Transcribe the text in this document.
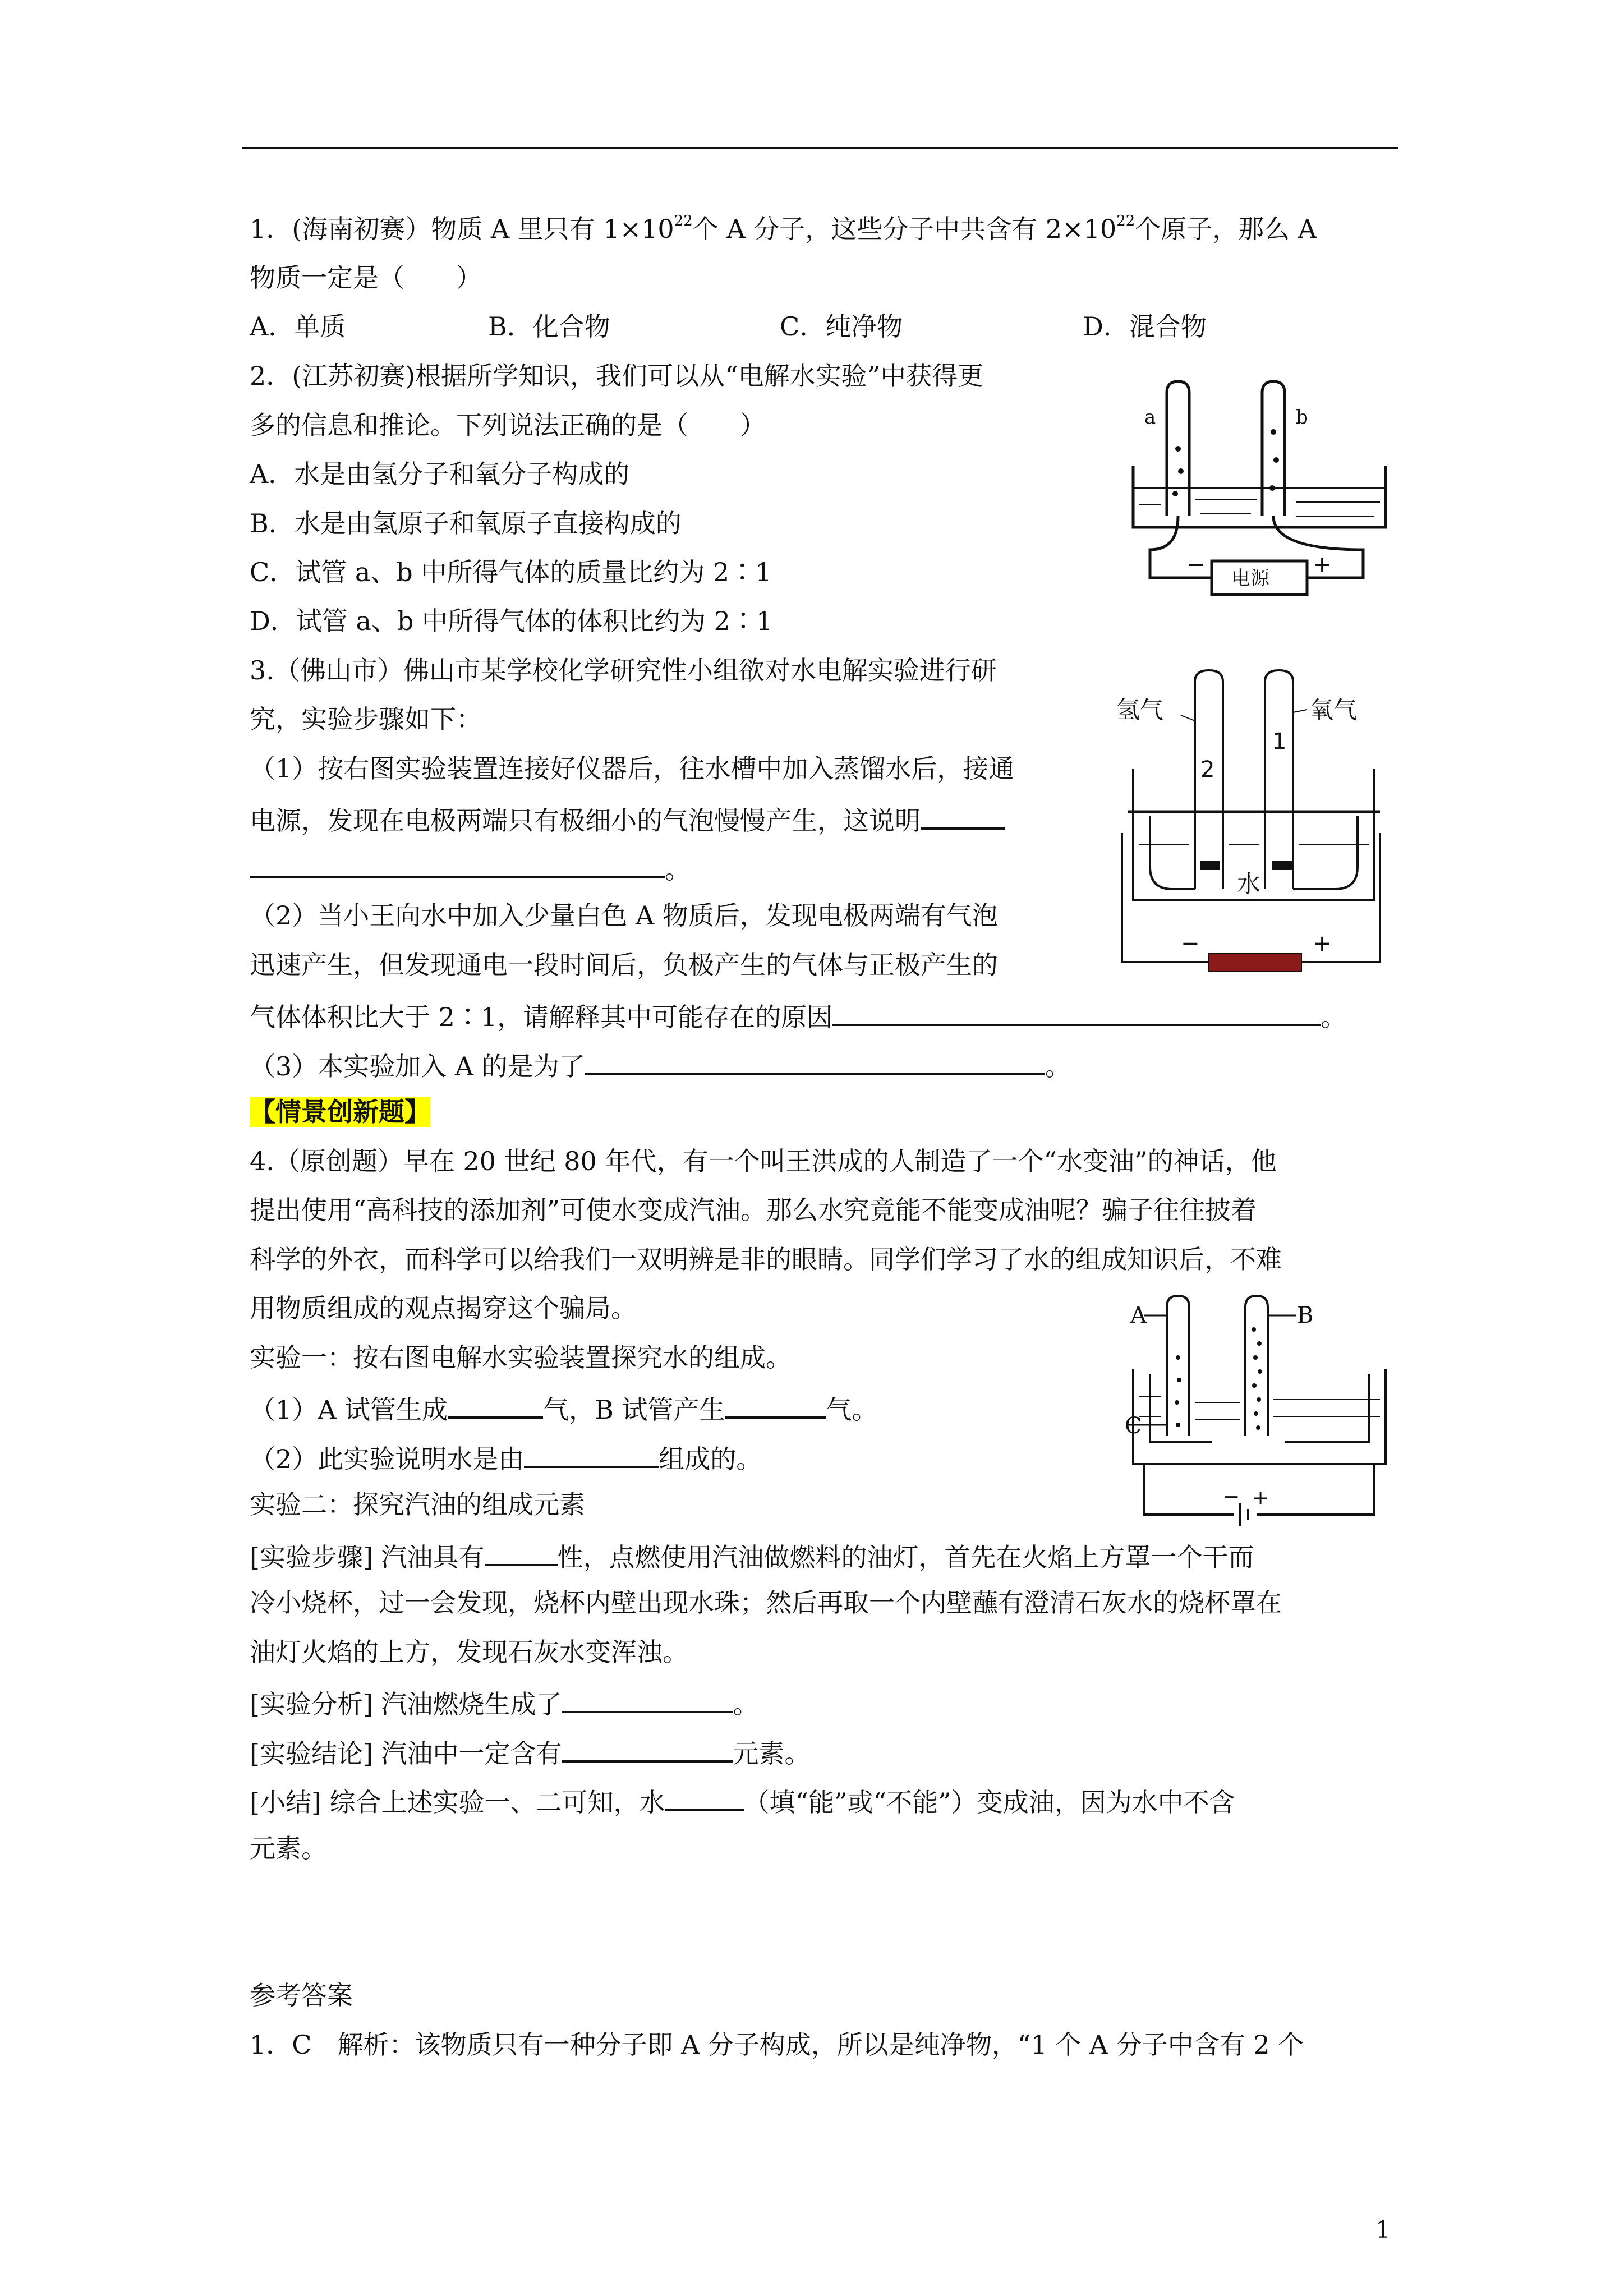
1．(海南初赛）物质 A 里只有 $1\times 10^{22}$个 A 分子，这些分子中共含有 $2\times 10^{22}$个原子，那么 A
物质一定是（　　）
A．单质	B．化合物	C．纯净物	D．混合物
2．(江苏初赛)根据所学知识，我们可以从“电解水实验”中获得更
多的信息和推论。下列说法正确的是（　　）
A．水是由氢分子和氧分子构成的
B．水是由氢原子和氧原子直接构成的
C．试管 a、b 中所得气体的质量比约为 2∶1
D．试管 a、b 中所得气体的体积比约为 2∶1
a	b
电源
−	+
3.（佛山市）佛山市某学校化学研究性小组欲对水电解实验进行研
究，实验步骤如下：
（1）按右图实验装置连接好仪器后，往水槽中加入蒸馏水后，接通
电源，发现在电极两端只有极细小的气泡慢慢产生，这说明
。
（2）当小王向水中加入少量白色 A 物质后，发现电极两端有气泡
迅速产生，但发现通电一段时间后，负极产生的气体与正极产生的
气体体积比大于 2∶1，请解释其中可能存在的原因	。
（3）本实验加入 A 的是为了	。
氢气	氧气
2
1
水
−	+
【情景创新题】
4.（原创题）早在 20 世纪 80 年代，有一个叫王洪成的人制造了一个“水变油”的神话，他
提出使用“高科技的添加剂”可使水变成汽油。那么水究竟能不能变成油呢？骗子往往披着
科学的外衣，而科学可以给我们一双明辨是非的眼睛。同学们学习了水的组成知识后，不难
用物质组成的观点揭穿这个骗局。
实验一：按右图电解水实验装置探究水的组成。
（1）A 试管生成	气，B 试管产生	气。
（2）此实验说明水是由	组成的。
实验二：探究汽油的组成元素
[实验步骤] 汽油具有	性，点燃使用汽油做燃料的油灯，首先在火焰上方罩一个干而
冷小烧杯，过一会发现，烧杯内壁出现水珠；然后再取一个内壁蘸有澄清石灰水的烧杯罩在
油灯火焰的上方，发现石灰水变浑浊。
[实验分析] 汽油燃烧生成了	。
[实验结论] 汽油中一定含有	元素。
[小结] 综合上述实验一、二可知，水	（填“能”或“不能”）变成油，因为水中不含
元素。
A	B
C
− +
参考答案
1．C　解析：该物质只有一种分子即 A 分子构成，所以是纯净物，“1 个 A 分子中含有 2 个
1
